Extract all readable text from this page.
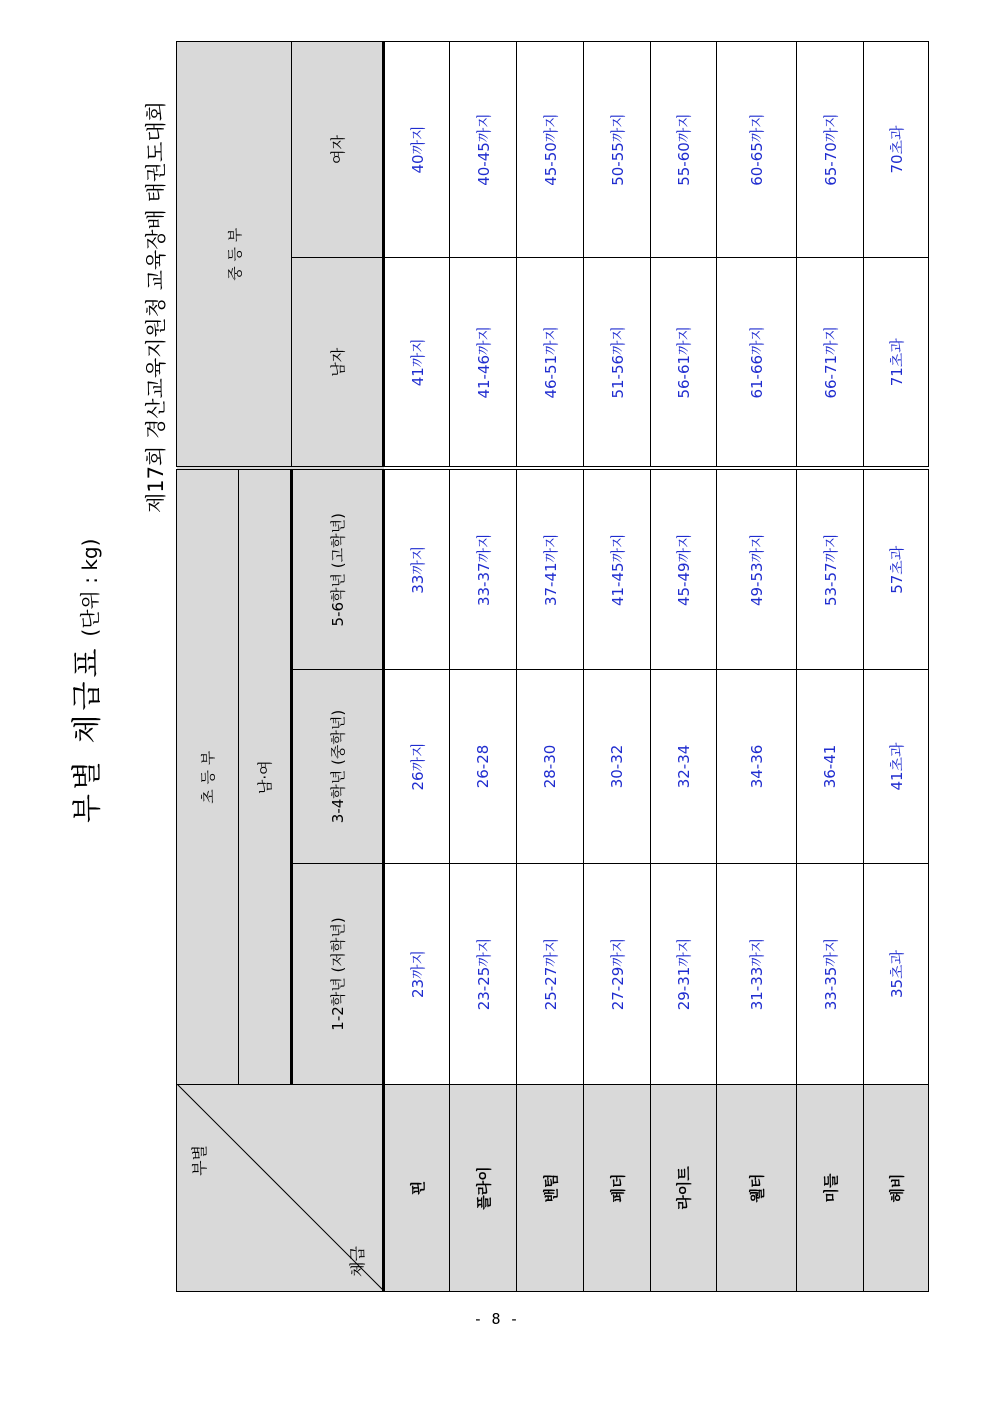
부별 체급표(단위 : kg)
제17회 경산교육지원청 교육장배 태권도대회
체급
부별	초 등 부			중 등 부	
	남·여				
	1-2학년 (저학년)	3-4학년 (중학년)	5-6학년 (고학년)	남자	여자
핀	23까지	26까지	33까지	41까지	40까지
플라이	23-25까지	26-28	33-37까지	41-46까지	40-45까지
밴텀	25-27까지	28-30	37-41까지	46-51까지	45-50까지
페더	27-29까지	30-32	41-45까지	51-56까지	50-55까지
라이트	29-31까지	32-34	45-49까지	56-61까지	55-60까지
웰터	31-33까지	34-36	49-53까지	61-66까지	60-65까지
미들	33-35까지	36-41	53-57까지	66-71까지	65-70까지
헤비	35초과	41초과	57초과	71초과	70초과
- 8 -
